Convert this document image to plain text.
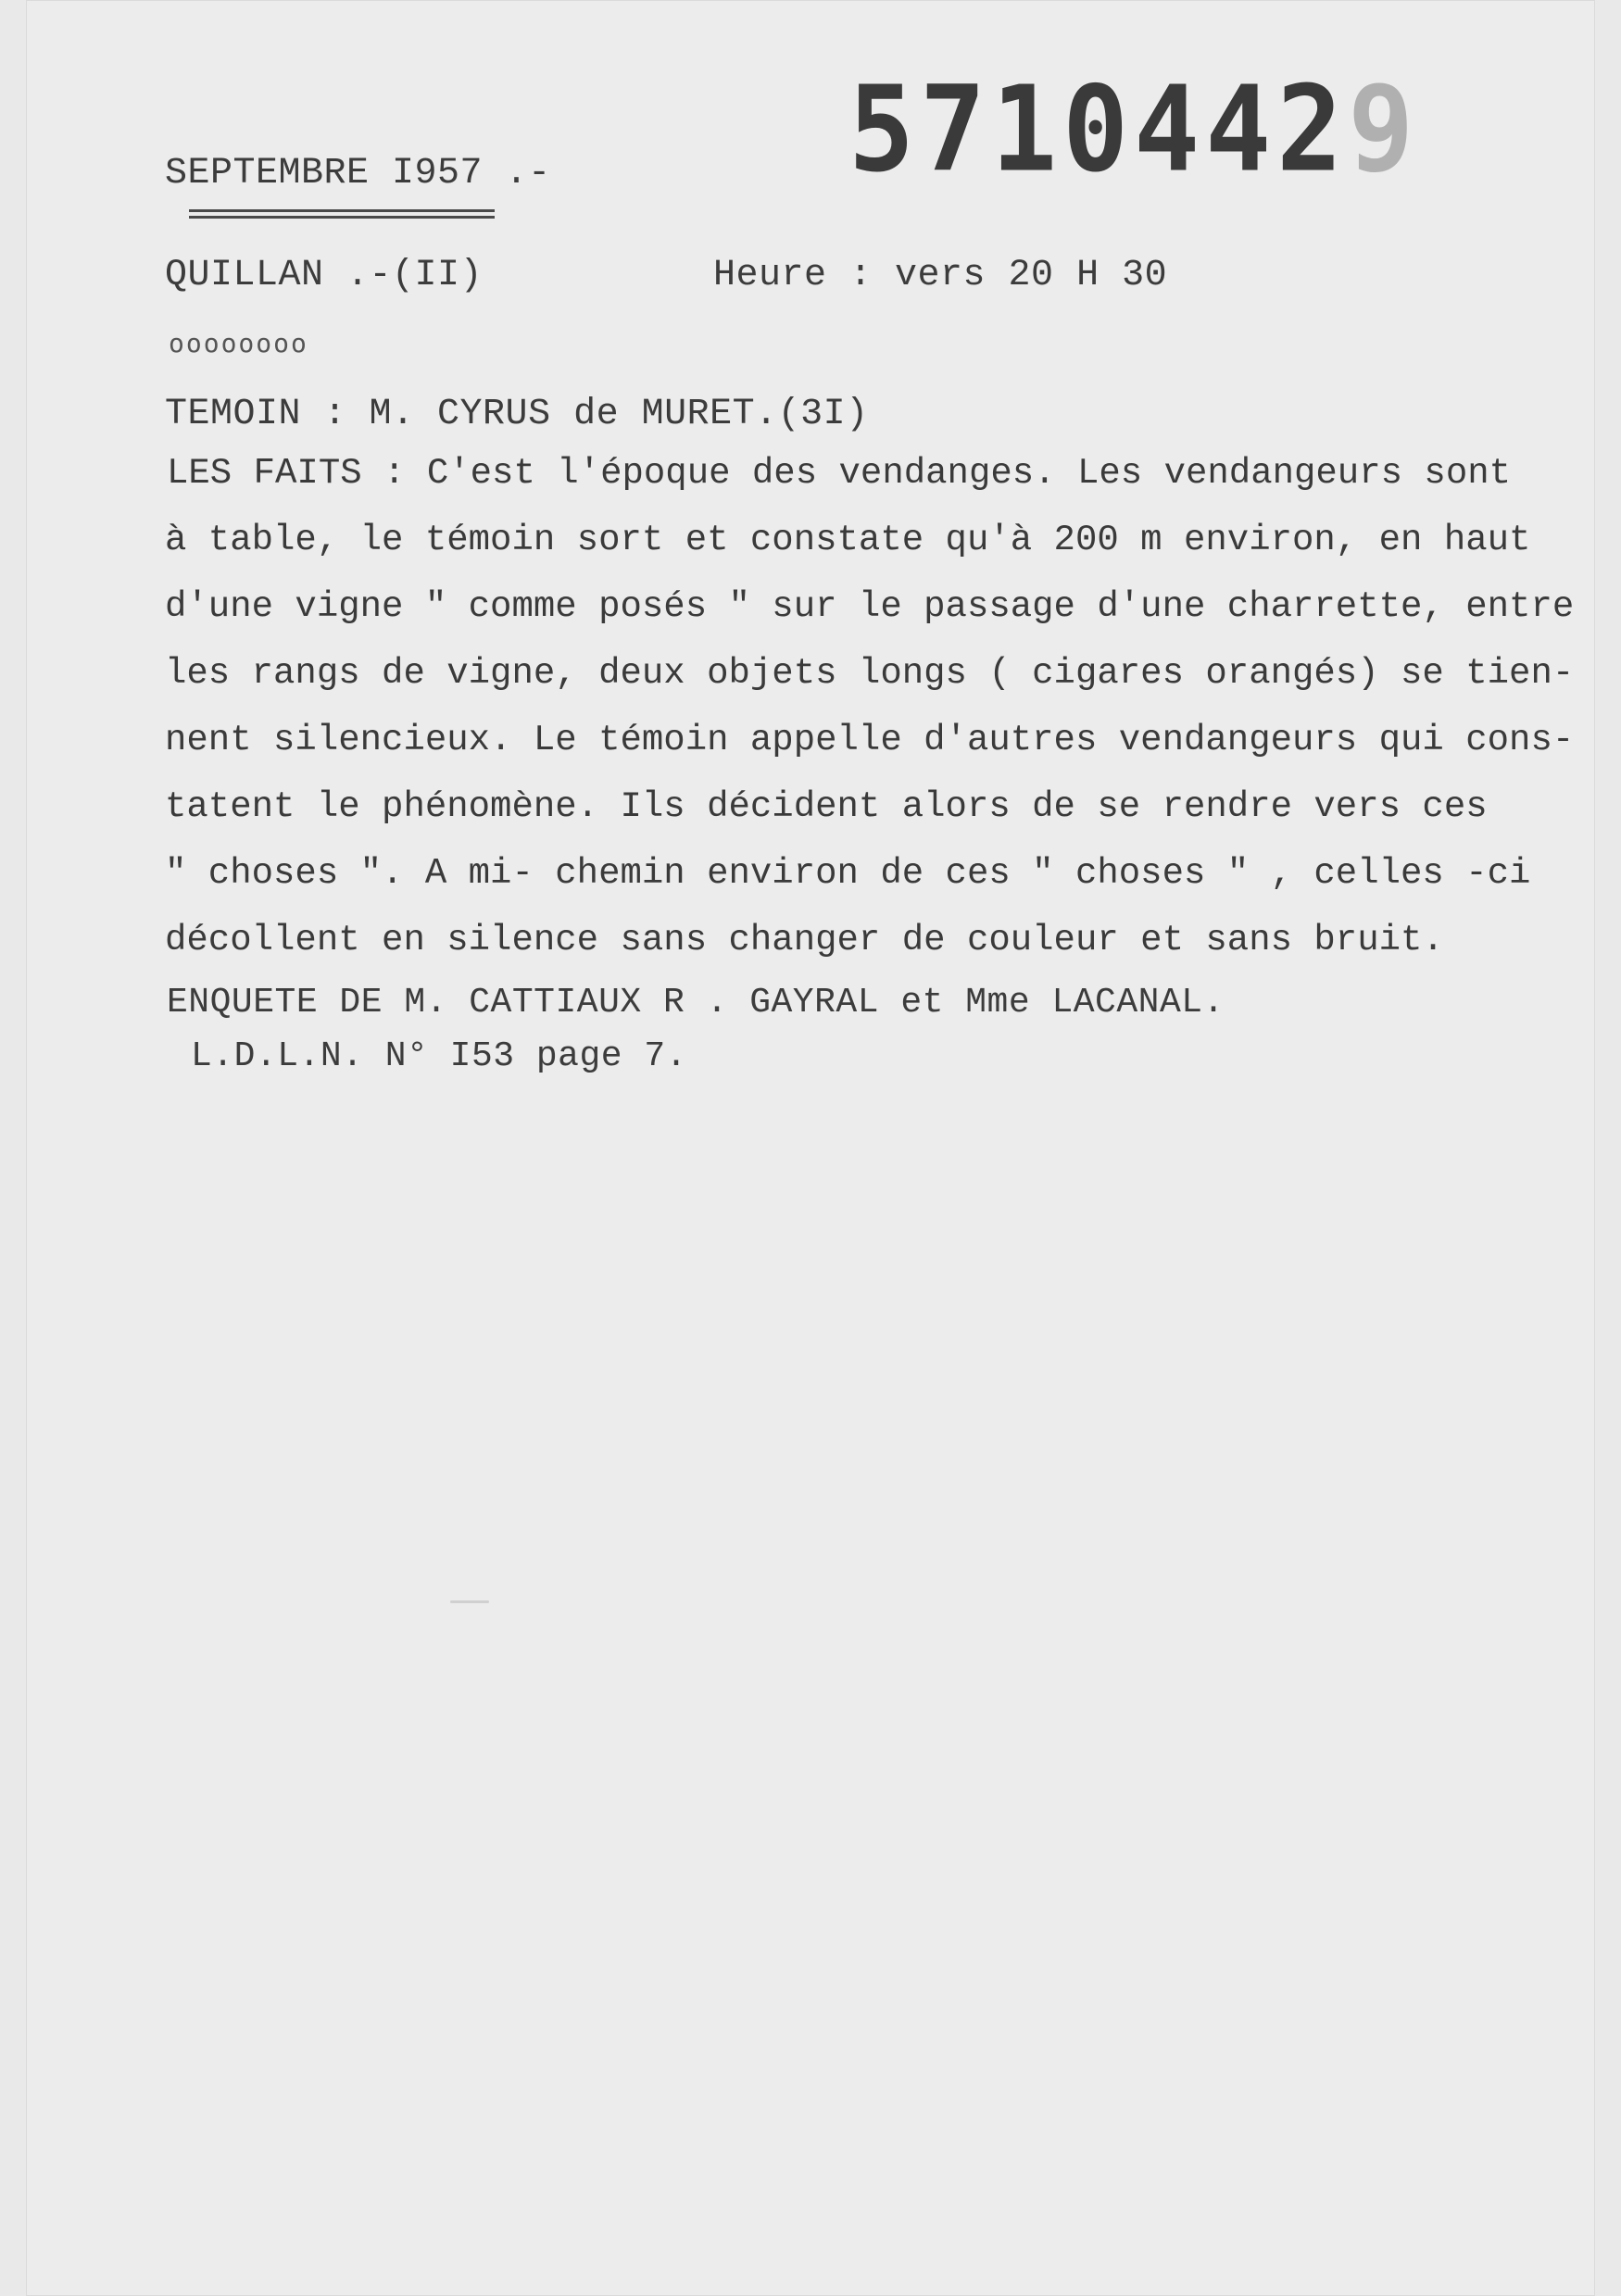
SEPTEMBRE I957 .-	57104429
QUILLAN .-(II)	Heure : vers 20 H 30
oooooooo
TEMOIN : M. CYRUS de MURET.(3I)
LES FAITS : C'est l'époque des vendanges. Les vendangeurs sont
à table, le témoin sort et constate qu'à 200 m environ, en haut
d'une vigne " comme posés " sur le passage d'une charrette, entre
les rangs de vigne, deux objets longs ( cigares orangés) se tien-
nent silencieux. Le témoin appelle d'autres vendangeurs qui cons-
tatent le phénomène. Ils décident alors de se rendre vers ces
" choses ". A mi- chemin environ de ces " choses " , celles -ci
décollent en silence sans changer de couleur et sans bruit.
ENQUETE DE M. CATTIAUX R . GAYRAL et Mme LACANAL.
L.D.L.N. N° I53 page 7.
